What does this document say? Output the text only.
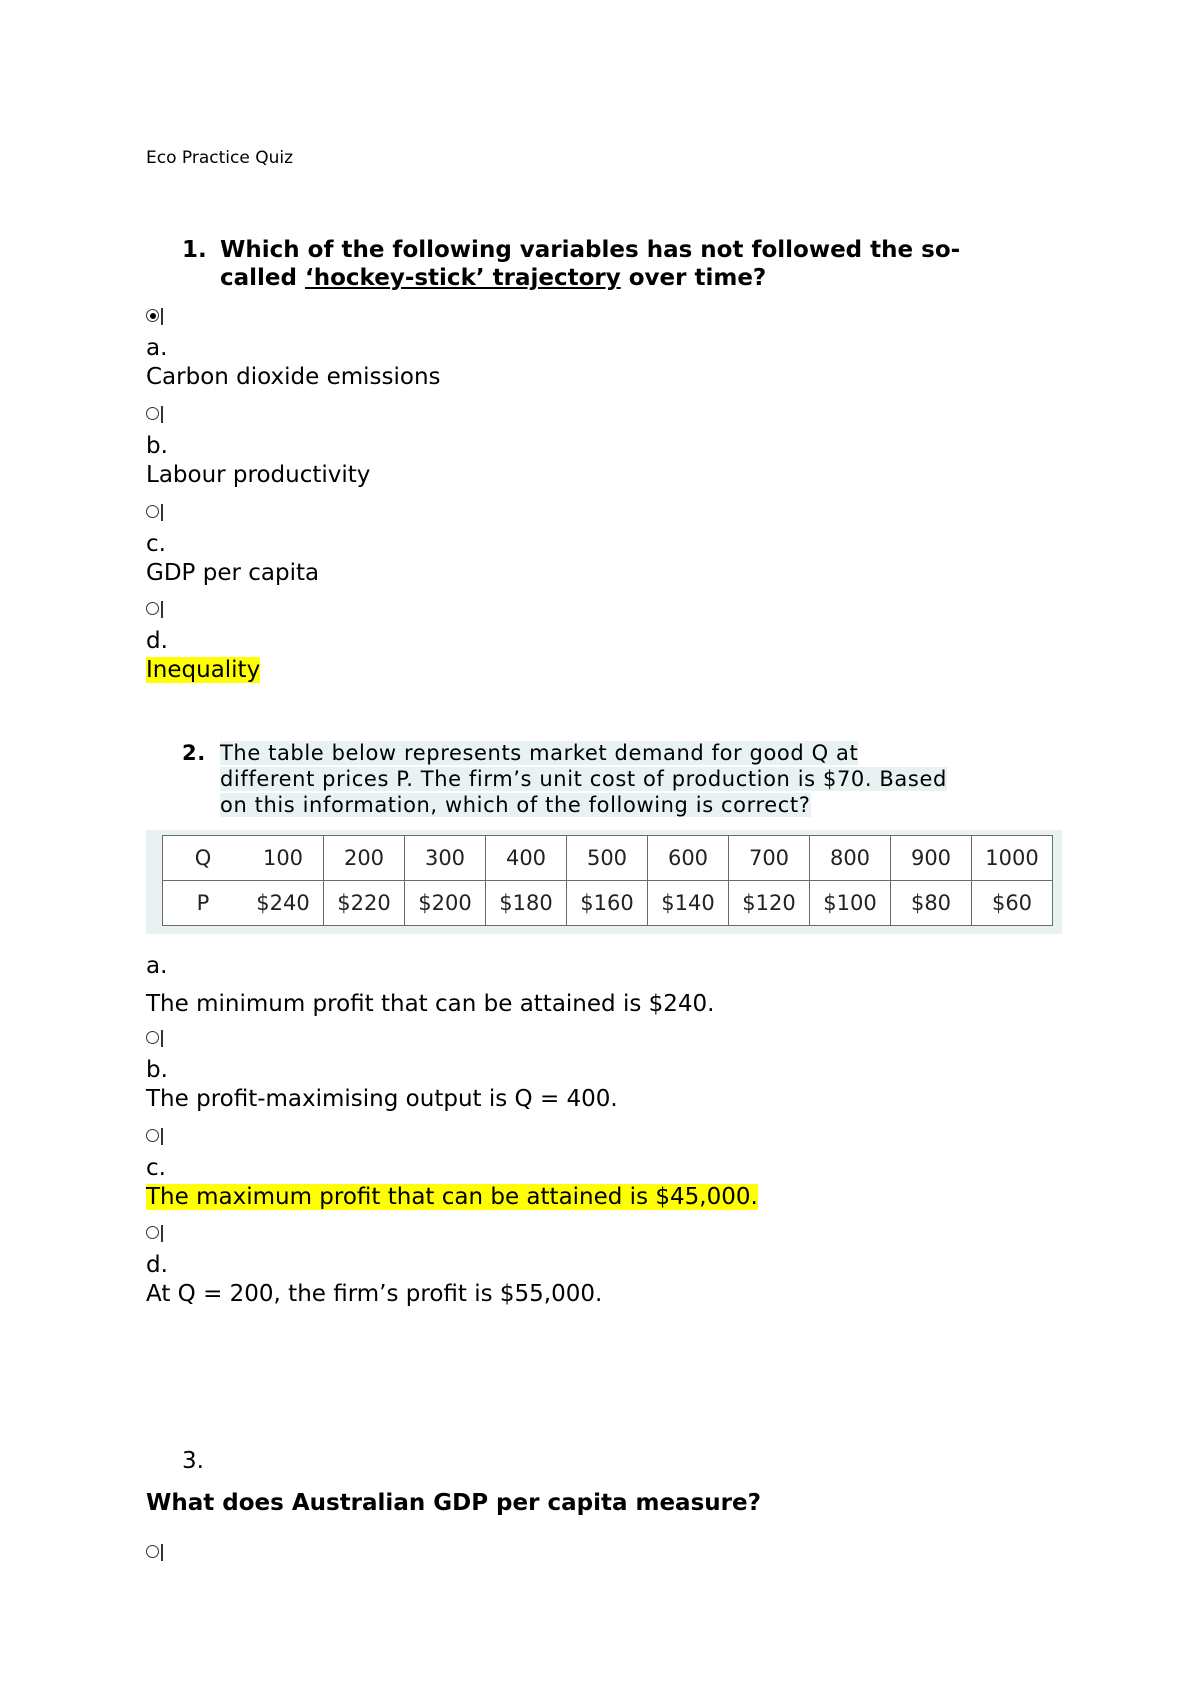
Eco Practice Quiz
1. Which of the following variables has not followed the so-called ‘hockey-stick’ trajectory over time?
a.
Carbon dioxide emissions
b.
Labour productivity
c.
GDP per capita
d.
Inequality
2. The table below represents market demand for good Q at
different prices P. The firm’s unit cost of production is $70. Based
on this information, which of the following is correct?
Q 100	200	300	400	500	600	700	800	900	1000

P $240	$220	$200	$180	$160	$140	$120	$100	$80	$60
a.
The minimum profit that can be attained is $240.
b.
The profit-maximising output is Q = 400.
c.
The maximum profit that can be attained is $45,000.
d.
At Q = 200, the firm’s profit is $55,000.
3.
What does Australian GDP per capita measure?
